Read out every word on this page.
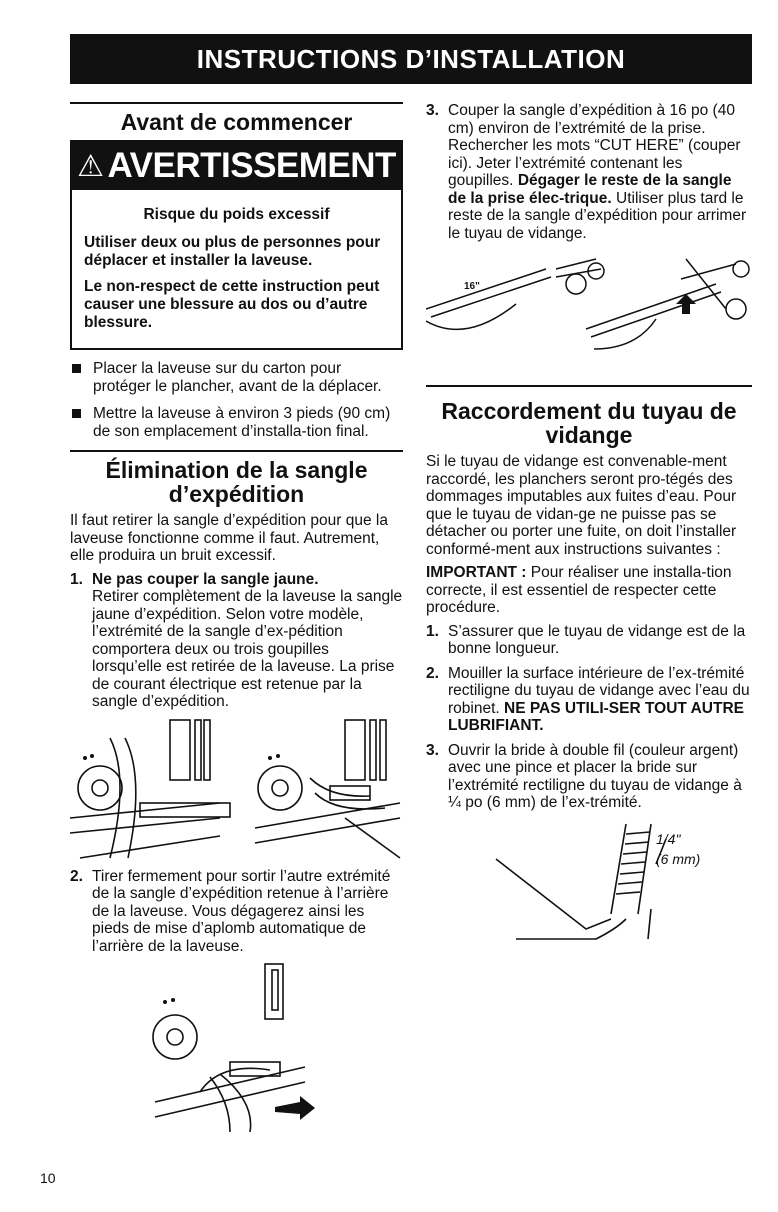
INSTRUCTIONS D’INSTALLATION
Avant de commencer
⚠ AVERTISSEMENT
Risque du poids excessif
Utiliser deux ou plus de personnes pour déplacer et installer la laveuse.
Le non-respect de cette instruction peut causer une blessure au dos ou d’autre blessure.
Placer la laveuse sur du carton pour protéger le plancher, avant de la déplacer.
Mettre la laveuse à environ 3 pieds (90 cm) de son emplacement d’installa-tion final.
Élimination de la sangle d’expédition
Il faut retirer la sangle d’expédition pour que la laveuse fonctionne comme il faut. Autrement, elle produira un bruit excessif.
1. Ne pas couper la sangle jaune.
Retirer complètement de la laveuse la sangle jaune d’expédition. Selon votre modèle, l’extrémité de la sangle d’ex-pédition comportera deux ou trois goupilles lorsqu’elle est retirée de la laveuse. La prise de courant électrique est retenue par la sangle d’expédition.
2. Tirer fermement pour sortir l’autre extrémité de la sangle d’expédition retenue à l’arrière de la laveuse. Vous dégagerez ainsi les pieds de mise d’aplomb automatique de l’arrière de la laveuse.
3. Couper la sangle d’expédition à 16 po (40 cm) environ de l’extrémité de la prise. Rechercher les mots “CUT HERE” (couper ici). Jeter l’extrémité contenant les goupilles. Dégager le reste de la sangle de la prise élec-trique. Utiliser plus tard le reste de la sangle d’expédition pour arrimer le tuyau de vidange.
16"
Raccordement du tuyau de vidange
Si le tuyau de vidange est convenable-ment raccordé, les planchers seront pro-tégés des dommages imputables aux fuites d’eau. Pour que le tuyau de vidan-ge ne puisse pas se détacher ou porter une fuite, on doit l’installer conformé-ment aux instructions suivantes :
IMPORTANT : Pour réaliser une installa-tion correcte, il est essentiel de respecter cette procédure.
1. S’assurer que le tuyau de vidange est de la bonne longueur.
2. Mouiller la surface intérieure de l’ex-trémité rectiligne du tuyau de vidange avec l’eau du robinet. NE PAS UTILI-SER TOUT AUTRE LUBRIFIANT.
3. Ouvrir la bride à double fil (couleur argent) avec une pince et placer la bride sur l’extrémité rectiligne du tuyau de vidange à ¼ po (6 mm) de l’ex-trémité.
1/4"
(6 mm)
10
